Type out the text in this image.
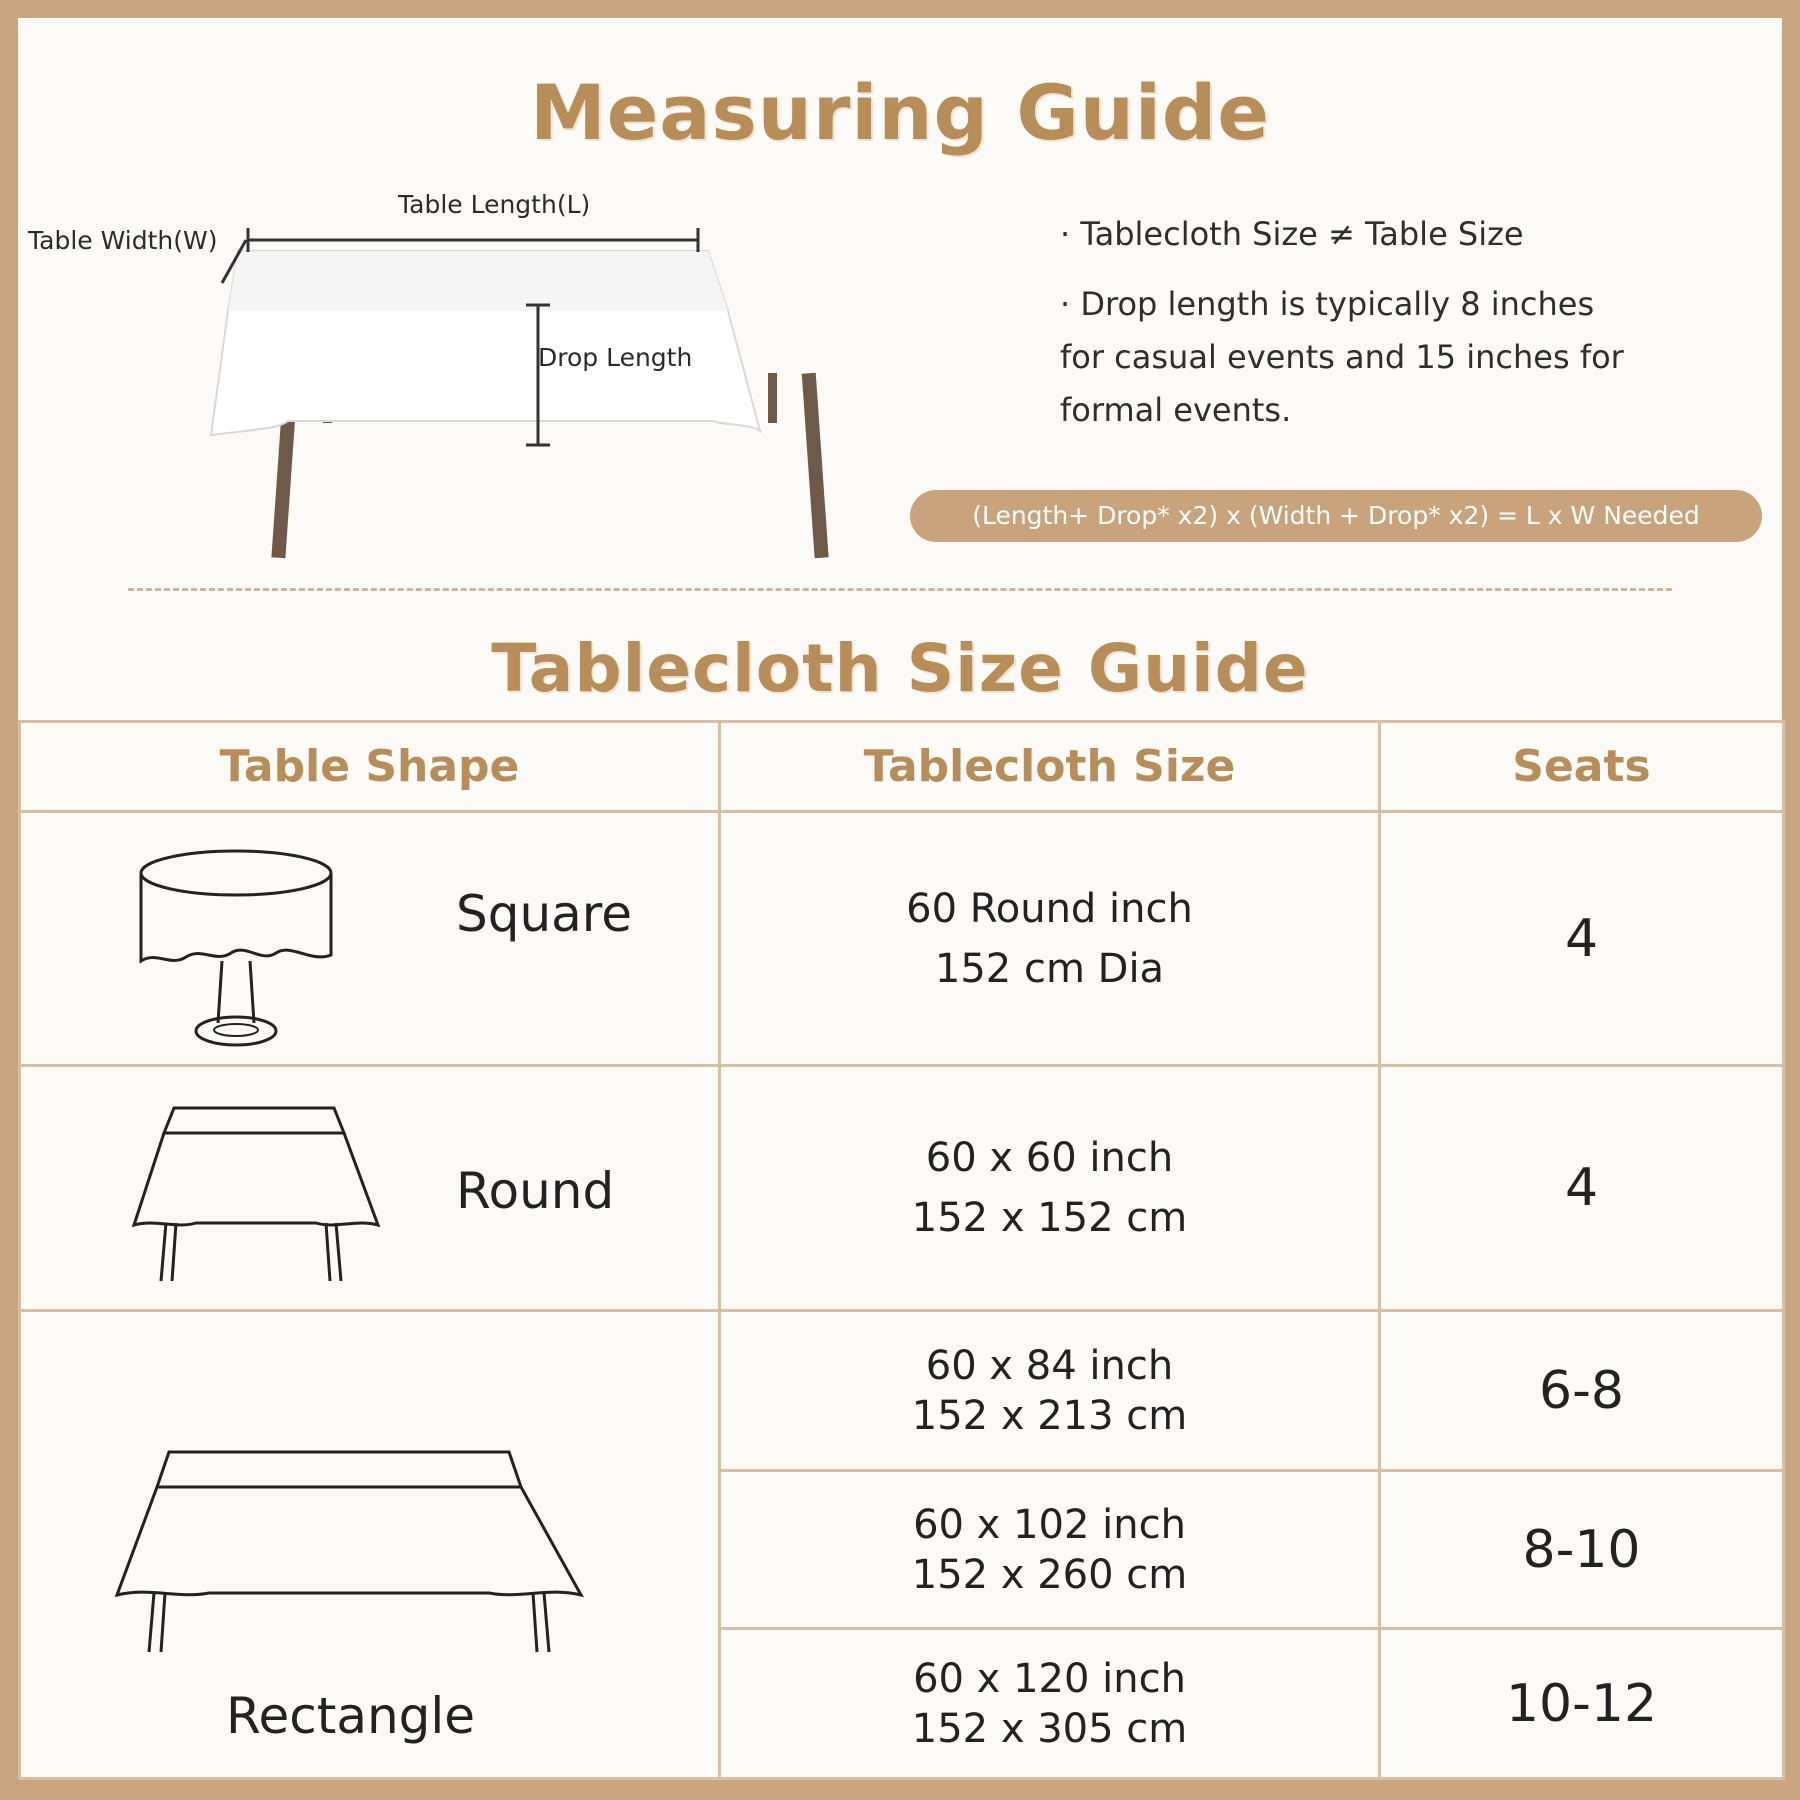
Measuring Guide
Table Length(L)
Table Width(W)
Drop Length
· Tablecloth Size ≠ Table Size
· Drop length is typically 8 inches
for casual events and 15 inches for
formal events.
(Length+ Drop* x2) x (Width + Drop* x2) = L x W Needed
Tablecloth Size Guide
Table Shape	Tablecloth Size	Seats

Square	60 Round inch
152 cm Dia	4

Round	60 x 60 inch
152 x 152 cm	4

Rectangle	60 x 84 inch
152 x 213 cm	6-8

	60 x 102 inch
152 x 260 cm	8-10

	60 x 120 inch
152 x 305 cm	10-12
